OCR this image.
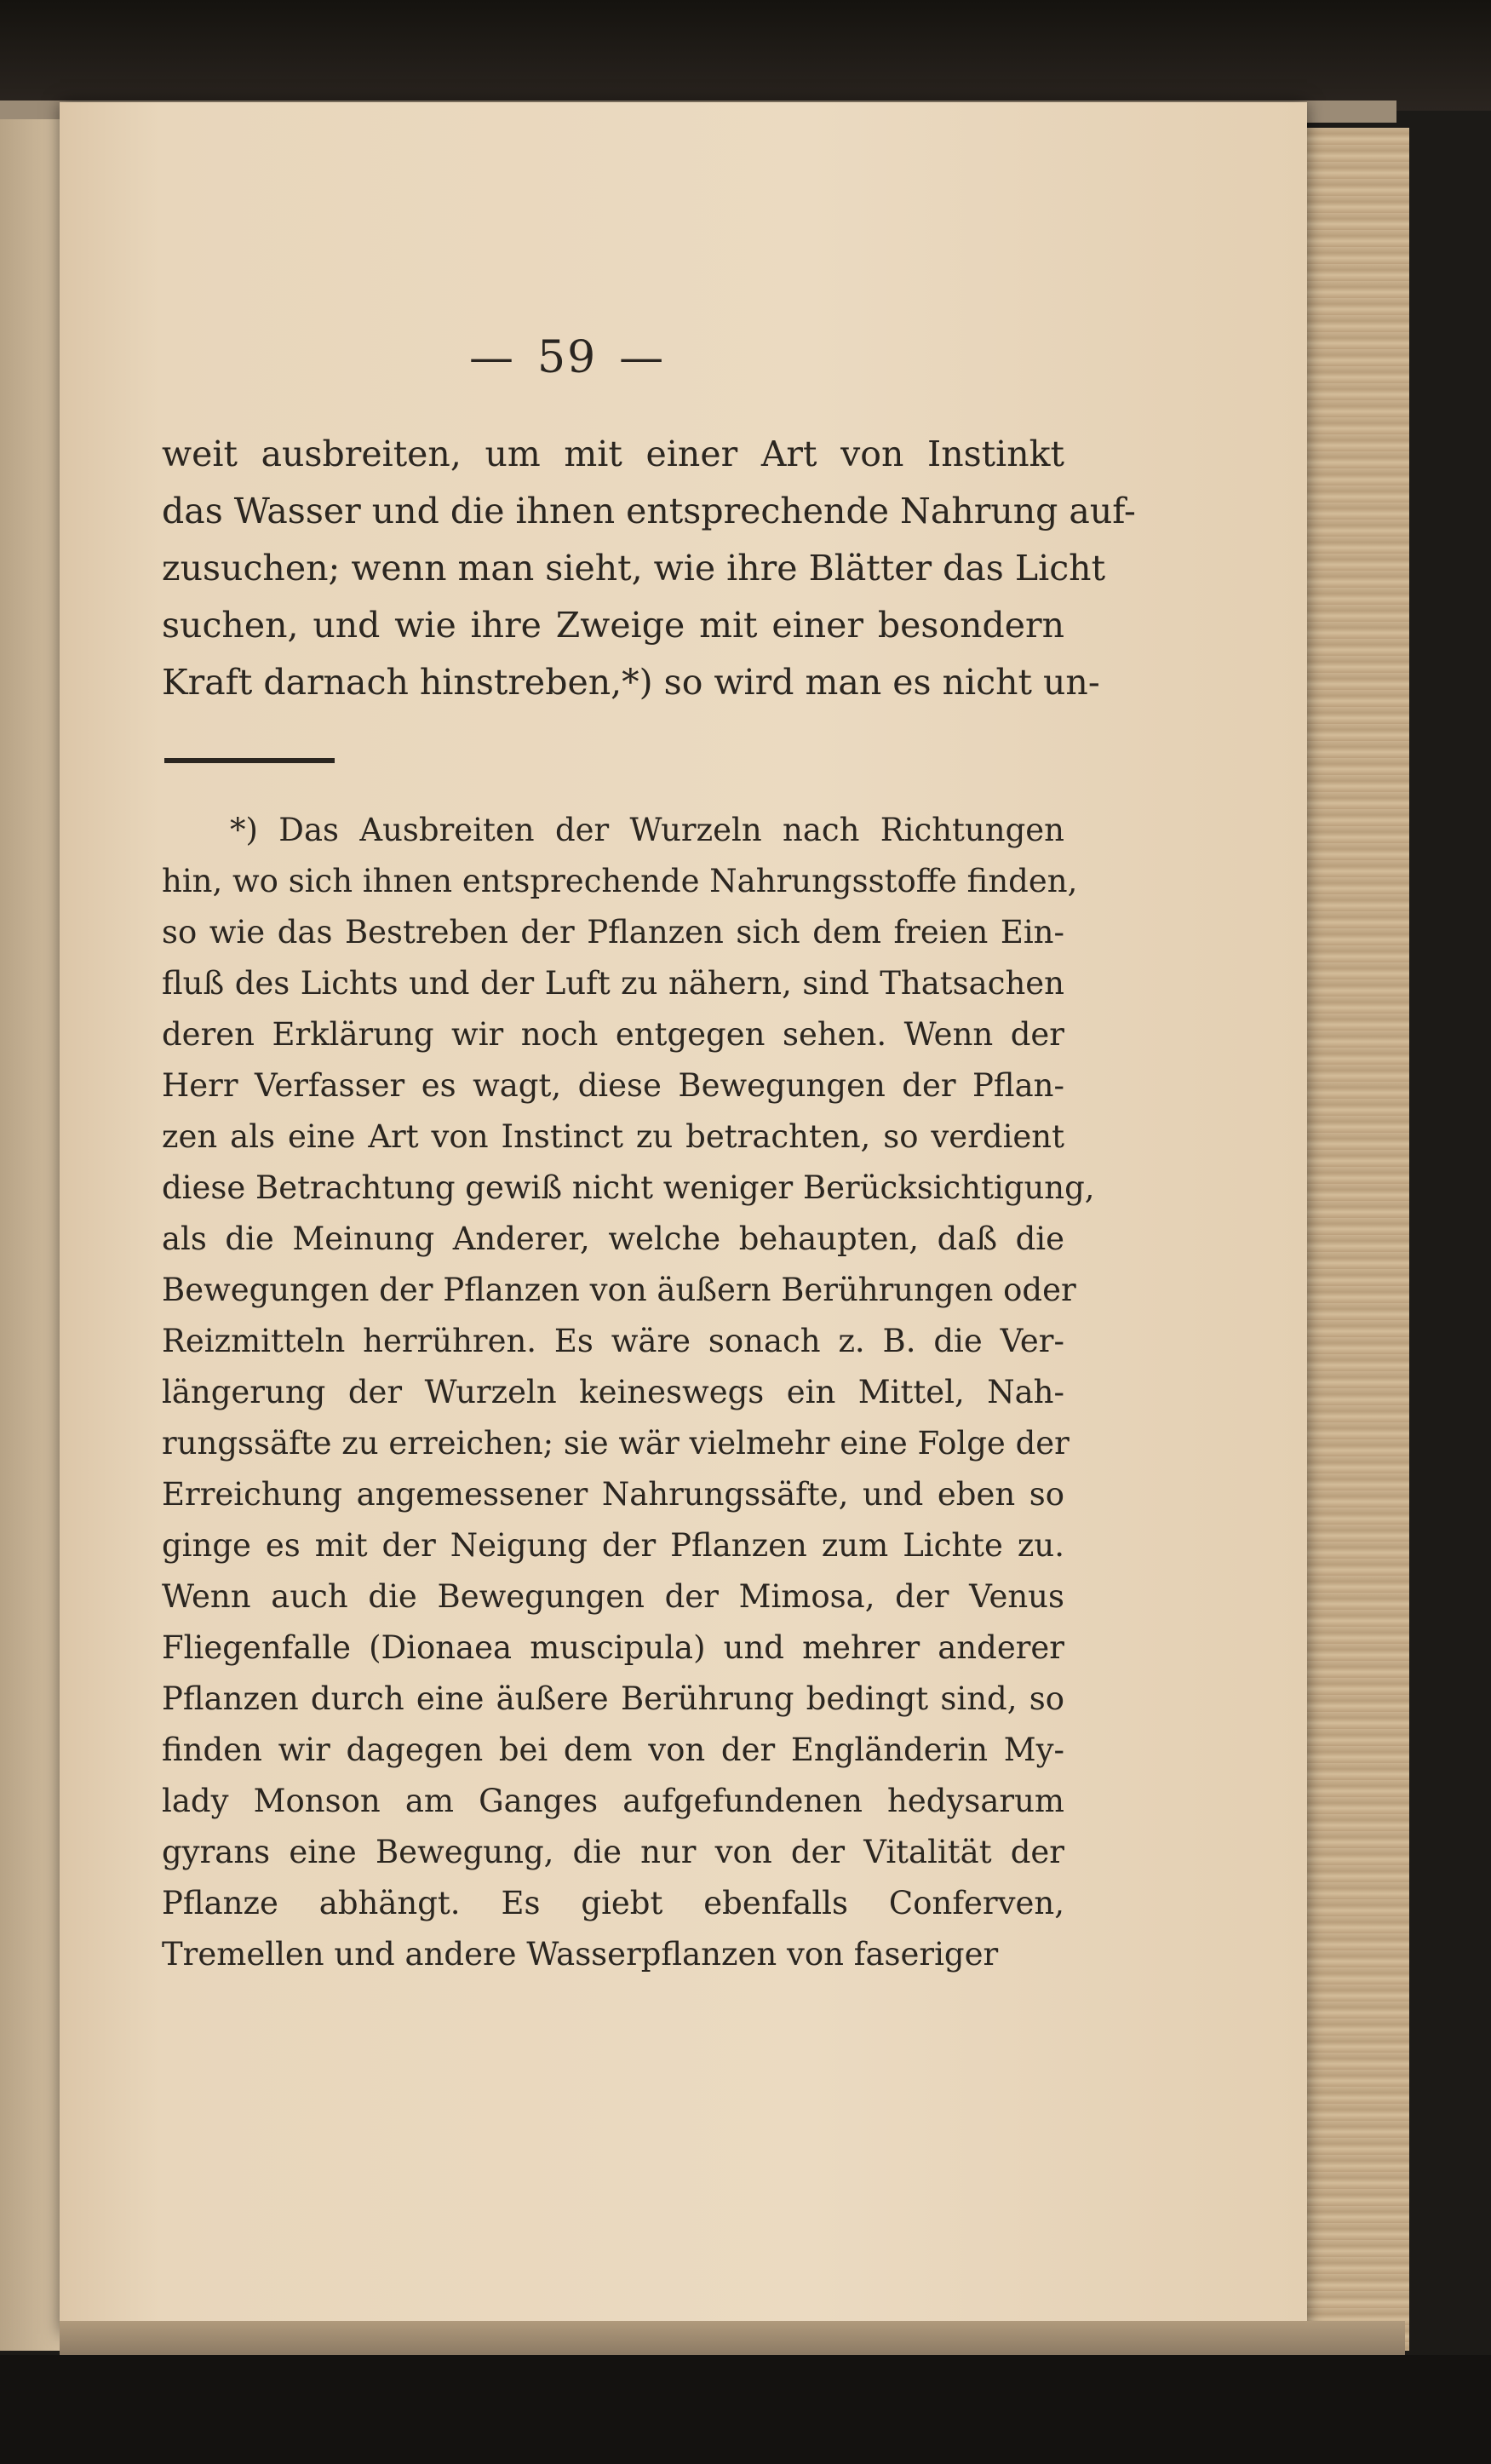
— 59 —
weit ausbreiten, um mit einer Art von Instinkt
das Wasser und die ihnen entsprechende Nahrung auf-
zusuchen; wenn man sieht, wie ihre Blätter das Licht
suchen, und wie ihre Zweige mit einer besondern
Kraft darnach hinstreben,*) so wird man es nicht un-
*) Das Ausbreiten der Wurzeln nach Richtungen
hin, wo sich ihnen entsprechende Nahrungsstoffe finden,
so wie das Bestreben der Pflanzen sich dem freien Ein-
fluß des Lichts und der Luft zu nähern, sind Thatsachen
deren Erklärung wir noch entgegen sehen. Wenn der
Herr Verfasser es wagt, diese Bewegungen der Pflan-
zen als eine Art von Instinct zu betrachten, so verdient
diese Betrachtung gewiß nicht weniger Berücksichtigung,
als die Meinung Anderer, welche behaupten, daß die
Bewegungen der Pflanzen von äußern Berührungen oder
Reizmitteln herrühren. Es wäre sonach z. B. die Ver-
längerung der Wurzeln keineswegs ein Mittel, Nah-
rungssäfte zu erreichen; sie wär vielmehr eine Folge der
Erreichung angemessener Nahrungssäfte, und eben so
ginge es mit der Neigung der Pflanzen zum Lichte zu.
Wenn auch die Bewegungen der Mimosa, der Venus
Fliegenfalle (Dionaea muscipula) und mehrer anderer
Pflanzen durch eine äußere Berührung bedingt sind, so
finden wir dagegen bei dem von der Engländerin My-
lady Monson am Ganges aufgefundenen hedysarum
gyrans eine Bewegung, die nur von der Vitalität der
Pflanze abhängt. Es giebt ebenfalls Conferven,
Tremellen und andere Wasserpflanzen von faseriger
